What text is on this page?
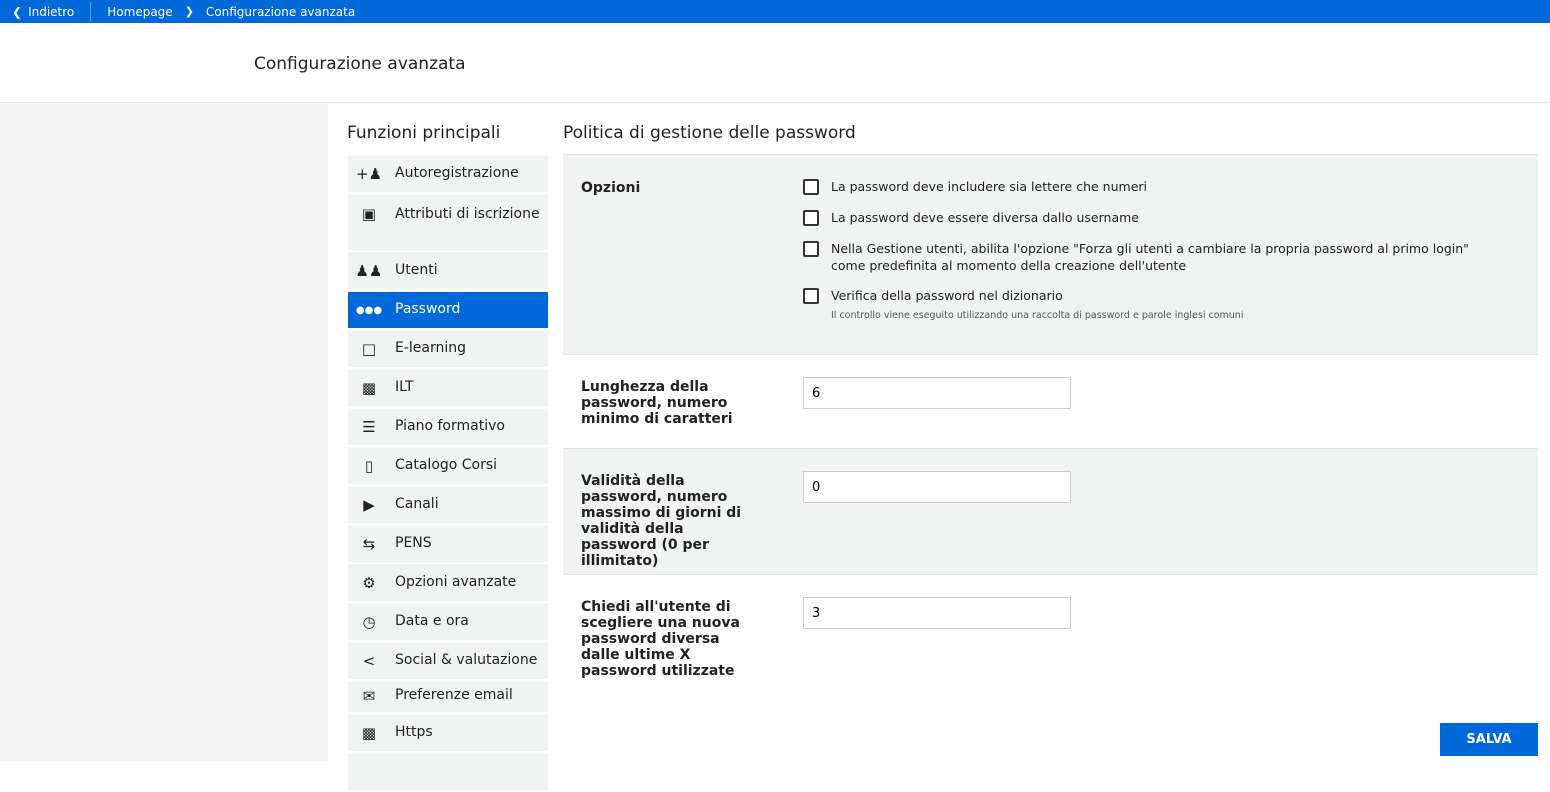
❮ Indietro	Homepage ❯ Configurazione avanzata
Configurazione avanzata
Funzioni principali
+♟ Autoregistrazione
▣ Attributi di iscrizione
♟♟ Utenti
●●● Password
□ E-learning
▩ ILT
☰	Piano formativo
▯	Catalogo Corsi
▶	Canali
⇆	PENS
⚙	Opzioni avanzate
◷	Data e ora
<	Social & valutazione
✉	Preferenze email
▩ Https
Politica di gestione delle password
Opzioni	La password deve includere sia lettere che numeri
La password deve essere diversa dallo username
Nella Gestione utenti, abilita l'opzione "Forza gli utenti a cambiare la propria password al primo login" come predefinita al momento della creazione dell'utente
Verifica della password nel dizionario
Il controllo viene eseguito utilizzando una raccolta di password e parole inglesi comuni
Lunghezza della password, numero minimo di caratteri
6
Validità della password, numero massimo di giorni di validità della password (0 per illimitato)
0
Chiedi all'utente di scegliere una nuova password diversa dalle ultime X password utilizzate
3
SALVA
